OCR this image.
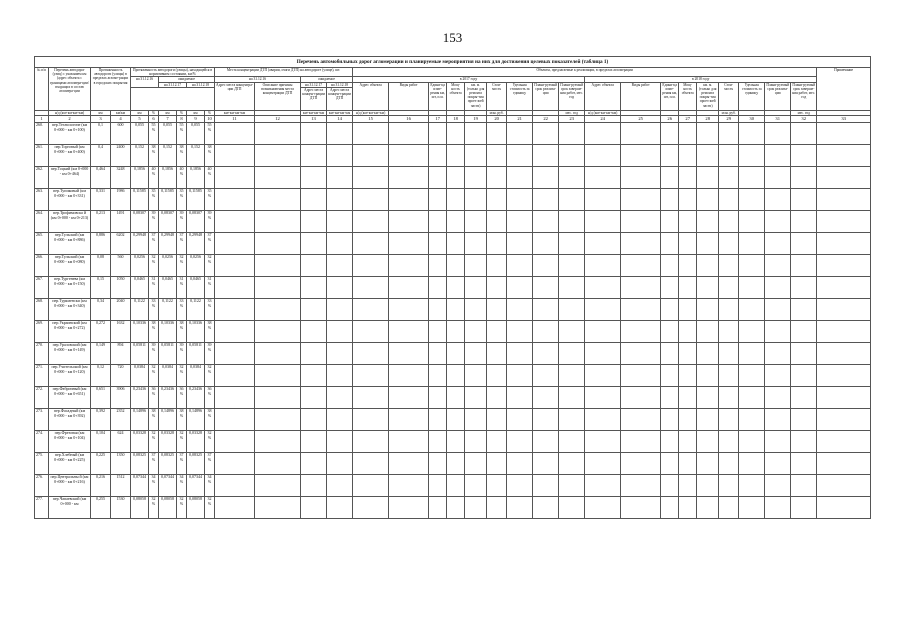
153
Перечень автомобильных дорог агломерации и планируемые мероприятия на них для достижения целевых показателей (таблица 1)																																
№ п/п	Перечень автодорог (улиц) с указанием км (адрес объекта с границами агломера-ции/входящих в состав агломера-ции	Протяженность автодороги (улицы) в пределах агломе-рации в городских покрытия		Протяженность автодороги (улицы), находящейся в нормативном состоянии, км/%						Места концентрации ДТП (аварии, очаги ДТП) на автодороге (улице), шт.				Объекты, предлагаемые к реализации, в пределах агломерации																		Примечание
				на 31.12.16		ожидаемое				на 31.12.16		ожидаемое		в 2017 году									в 2018 году									
						на 31.12.17		на 31.12.18		Адрес места концентра-ции ДТП	Описание причины возникновения места концентрации ДТП	на 31.12.17	на 31.12.18	Адрес объекта	Виды работ	Едини-ца изме-рения км, шт, п.м.	Мощ-ность объекта	км. м. (только для ремонта покры-тия проез-жей части)	Стои-мость	Удельная стоимость за единицу	Плани-руемый срок реализа-ции	Плани-руемый срок заверше-ния работ, мес. год	Адрес объекта	Виды работ	Едини-ца изме-рения км, шт, п.м.	Мощ-ность объекта	км. м. (только для ремонта покры-тия проез-жей части)	Стои-мость	Удельная стоимость за единицу	Плани-руемый срок реализа-ции	Плани-руемый срок заверше-ния работ, мес. год	
												Адрес места концен-трации ДТП	Адрес места концен-трации ДТП																			
	н/д (км+км-км+км)	км	км/км	км	%	км	%	км	%	км+км-км+км		км+км-км+км	км+км-км+км	н/д (км+км-км+км)					млн. руб.			мес. год	н/д (км+км-км+км)					млн. руб.			мес. год	
1	2	3	4	5	6	7	8	9	10	11	12	13	14	15	16	17	18	19	20	21	22	23	24	25	26	27	28	29	30	31	32	33
260.	пер.Технологиче (км 0+000 - км 0+100)	0,1	600	0,055	55%	0,055	55%	0,055	55%																							
261.	пер.Торговый (км 0+000 - км 0+400)	0,4	2400	0,152	38%	0,152	38%	0,152	38%																							
262.	пер.Тоцкий (км 0+000 - км 0+464)	0,464	3248	0,1856	40%	0,1856	40%	0,1856	40%																							
263.	пер.Тупиковый (км 0+000 - км 0+331)	0,331	1986	0,11585	35%	0,11585	35%	0,11585	35%																							
264.	пер.Трофимовска й (км 0+000 - км 0+213)	0,213	1491	0,08307	39%	0,08307	39%	0,08307	39%																							
265.	пер.Тульский (км 0+000 - км 0+886)	0,886	6202	0,29948	37%	0,29948	37%	0,29948	37%																							
266.	пер.Тульский (км 0+000 - км 0+080)	0,08	560	0,0256	32%	0,0256	32%	0,0256	32%																							
267.	пер.Тургенева (км 0+000 - км 0+150)	0,15	1050	0,0465	31%	0,0465	31%	0,0465	31%																							
268.	пер.Туркменски (км 0+000 - км 0+340)	0,34	2040	0,1122	33%	0,1122	33%	0,1122	33%																							
269.	пер.Украинский (км 0+000 - км 0+272)	0,272	1632	0,10336	38%	0,10336	38%	0,10336	38%																							
270.	пер.Ураловский (км 0+000 - км 0+149)	0,149	894	0,05811	39%	0,05811	39%	0,05811	39%																							
271.	пер.Учительский (км 0+000 - км 0+120)	0,12	720	0,0384	32%	0,0384	32%	0,0384	32%																							
272.	пер.Фабричный (км 0+000 - км 0+651)	0,651	3906	0,23436	36%	0,23436	36%	0,23436	36%																							
273.	пер.Фасадный (км 0+000 - км 0+392)	0,392	2352	0,14896	38%	0,14896	38%	0,14896	38%																							
274.	пер.Фрезовая (км 0+000 - км 0+104)	0,104	624	0,03328	32%	0,03328	32%	0,03328	32%																							
275.	пер.Хлебный (км 0+000 - км 0+225)	0,225	1350	0,08325	37%	0,08325	37%	0,08325	37%																							
276.	пер.Центральны й (км 0+000 - км 0+216)	0,216	1512	0,07344	34%	0,07344	34%	0,07344	34%																							
277.	пер.Чапаевский (км 0+000 - км	0,255	1530	0,08058	32%	0,08058	32%	0,08058	32%																							
